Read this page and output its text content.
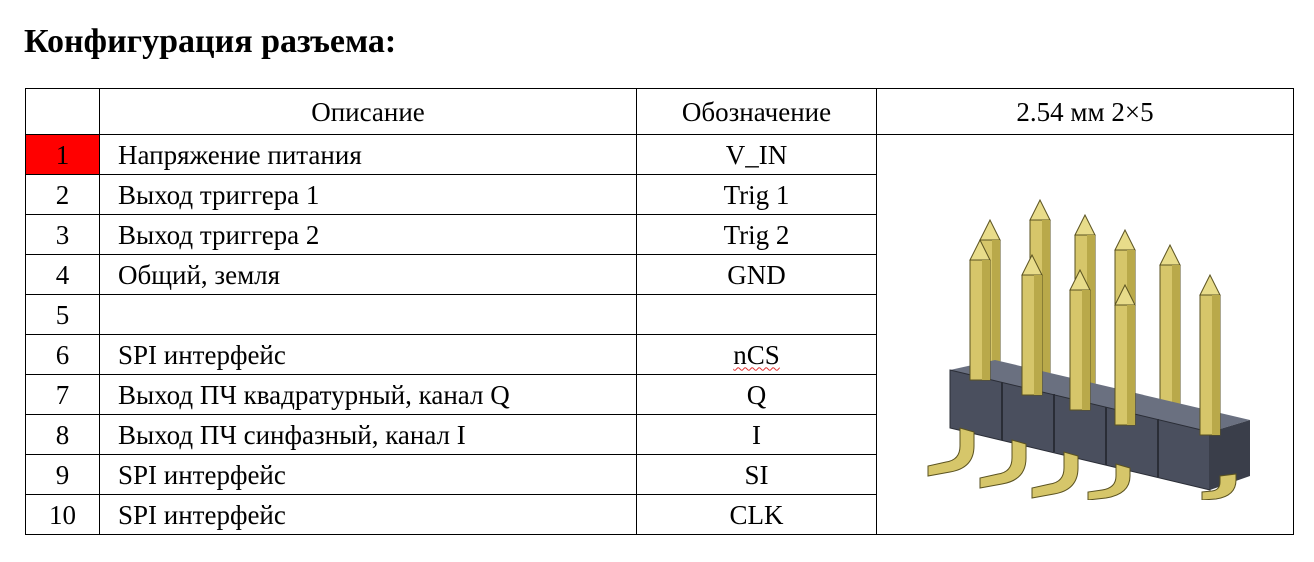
Конфигурация разъема:
	Описание	Обозначение	2.54 мм 2×5
1	Напряжение питания	V_IN	

2	Выход триггера 1	Trig 1	
3	Выход триггера 2	Trig 2	
4	Общий, земля	GND	
5			
6	SPI интерфейс	nCS	
7	Выход ПЧ квадратурный, канал Q	Q	
8	Выход ПЧ синфазный, канал I	I	
9	SPI интерфейс	SI	
10	SPI интерфейс	CLK	
